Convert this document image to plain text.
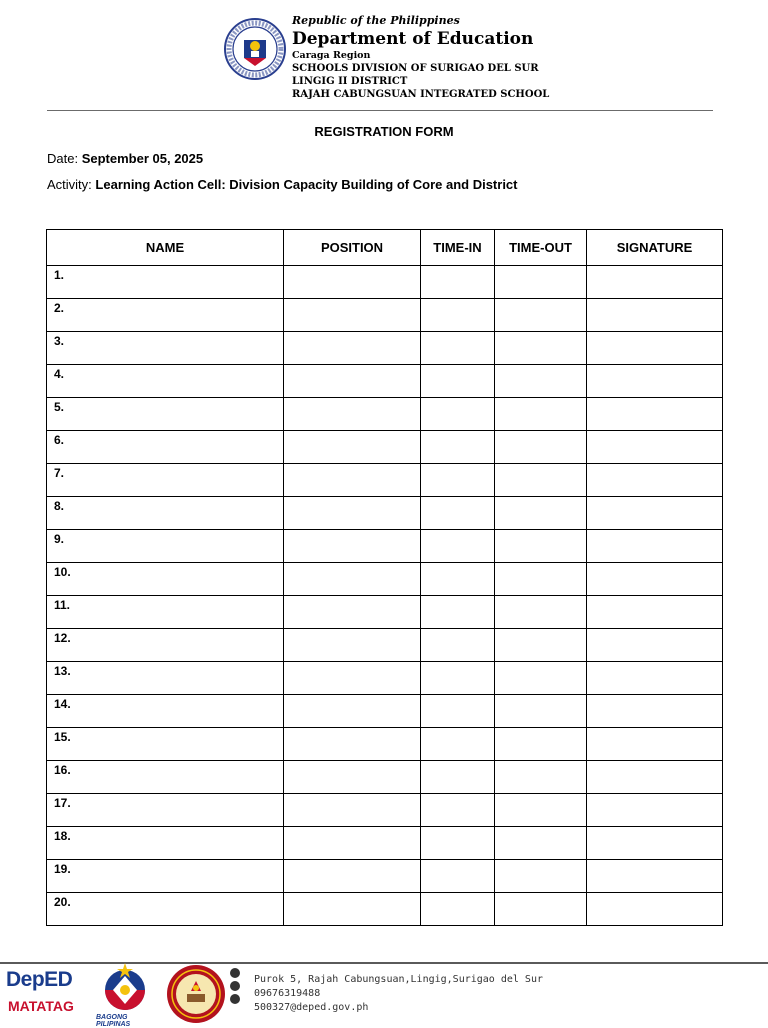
Republic of the Philippines
Department of Education
Caraga Region
SCHOOLS DIVISION OF SURIGAO DEL SUR
LINGIG II DISTRICT
RAJAH CABUNGSUAN INTEGRATED SCHOOL
REGISTRATION FORM
Date: September 05, 2025
Activity: Learning Action Cell: Division Capacity Building of Core and District
NAME	POSITION	TIME-IN	TIME-OUT	SIGNATURE
1.				
2.				
3.				
4.				
5.				
6.				
7.				
8.				
9.				
10.				
11.				
12.				
13.				
14.				
15.				
16.				
17.				
18.				
19.				
20.				
DepED
MATATAG
BAGONG PILIPINAS
Purok 5, Rajah Cabungsuan,Lingig,Surigao del Sur
09676319488
500327@deped.gov.ph
